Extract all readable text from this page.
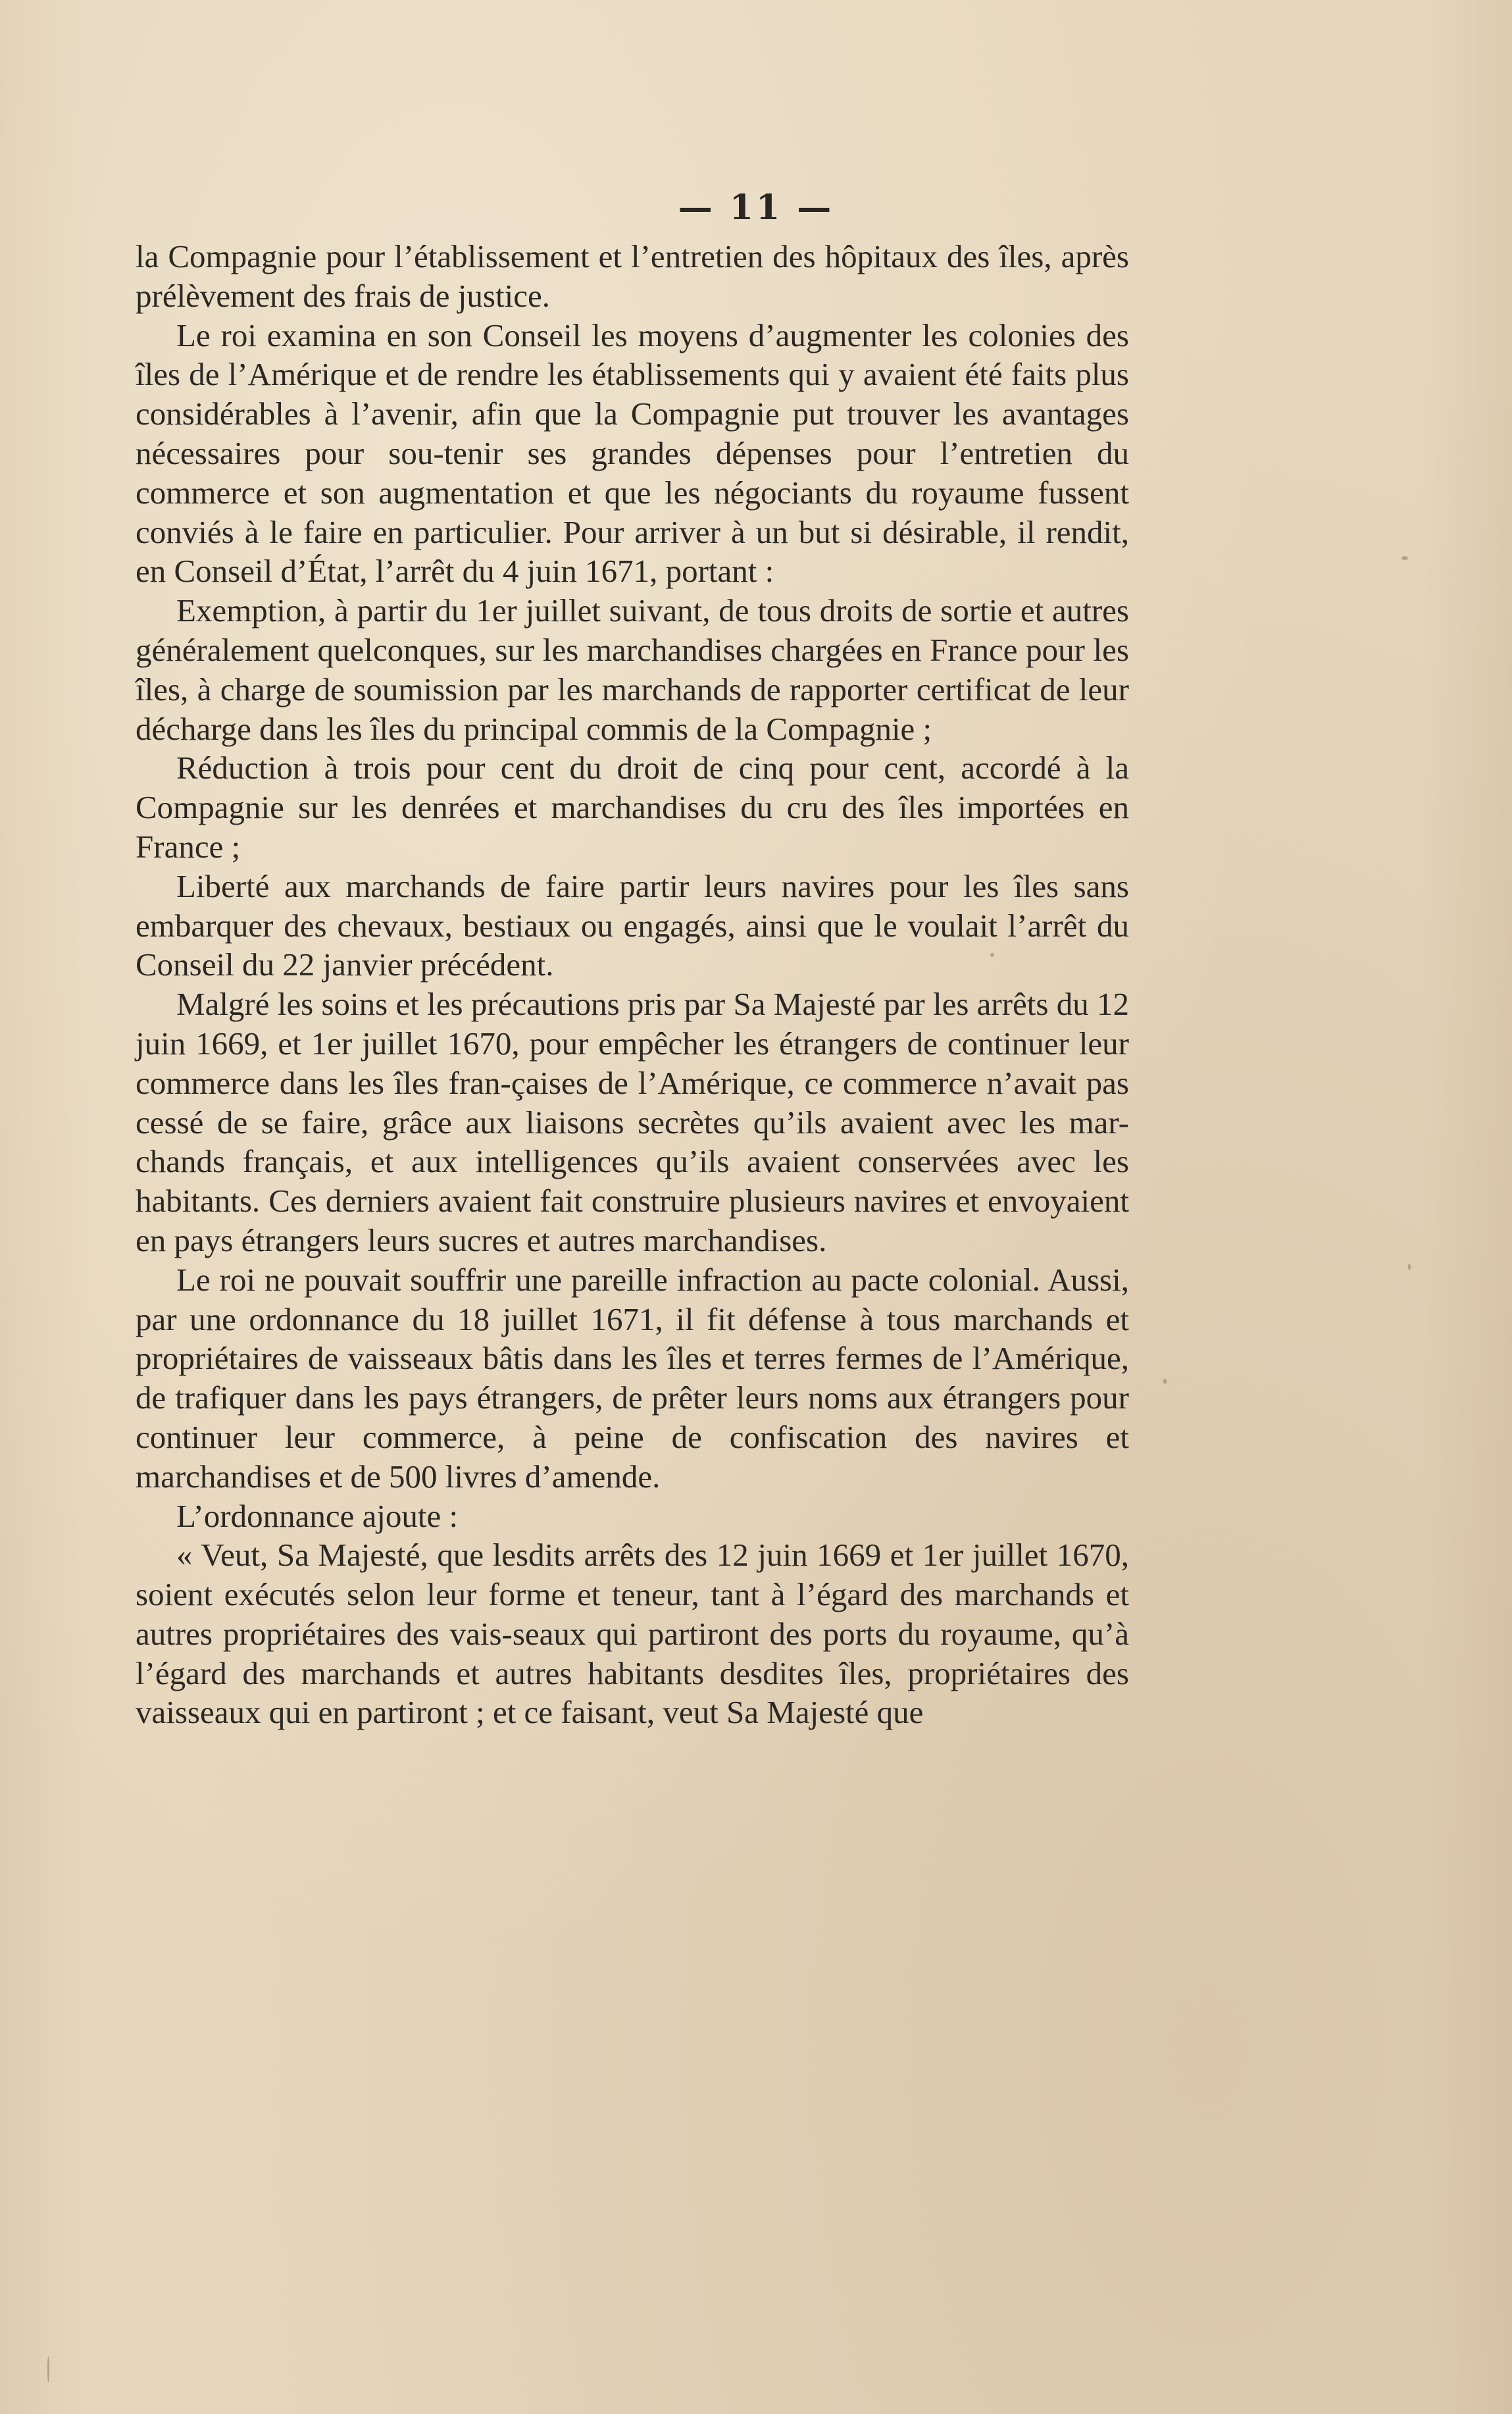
— 11 —

la Compagnie pour l’établissement et l’entretien des hôpitaux des îles, après prélèvement des frais de justice.

Le roi examina en son Conseil les moyens d’augmenter les colonies des îles de l’Amérique et de rendre les établissements qui y avaient été faits plus considérables à l’avenir, afin que la Compagnie put trouver les avantages nécessaires pour sou-tenir ses grandes dépenses pour l’entretien du commerce et son augmentation et que les négociants du royaume fussent conviés à le faire en particulier. Pour arriver à un but si désirable, il rendit, en Conseil d’État, l’arrêt du 4 juin 1671, portant :

Exemption, à partir du 1er juillet suivant, de tous droits de sortie et autres généralement quelconques, sur les marchandises chargées en France pour les îles, à charge de soumission par les marchands de rapporter certificat de leur décharge dans les îles du principal commis de la Compagnie ;

Réduction à trois pour cent du droit de cinq pour cent, accordé à la Compagnie sur les denrées et marchandises du cru des îles importées en France ;

Liberté aux marchands de faire partir leurs navires pour les îles sans embarquer des chevaux, bestiaux ou engagés, ainsi que le voulait l’arrêt du Conseil du 22 janvier précédent.

Malgré les soins et les précautions pris par Sa Majesté par les arrêts du 12 juin 1669, et 1er juillet 1670, pour empêcher les étrangers de continuer leur commerce dans les îles fran-çaises de l’Amérique, ce commerce n’avait pas cessé de se faire, grâce aux liaisons secrètes qu’ils avaient avec les mar-chands français, et aux intelligences qu’ils avaient conservées avec les habitants. Ces derniers avaient fait construire plusieurs navires et envoyaient en pays étrangers leurs sucres et autres marchandises.

Le roi ne pouvait souffrir une pareille infraction au pacte colonial. Aussi, par une ordonnance du 18 juillet 1671, il fit défense à tous marchands et propriétaires de vaisseaux bâtis dans les îles et terres fermes de l’Amérique, de trafiquer dans les pays étrangers, de prêter leurs noms aux étrangers pour continuer leur commerce, à peine de confiscation des navires et marchandises et de 500 livres d’amende.

L’ordonnance ajoute :

« Veut, Sa Majesté, que lesdits arrêts des 12 juin 1669 et 1er juillet 1670, soient exécutés selon leur forme et teneur, tant à l’égard des marchands et autres propriétaires des vais-seaux qui partiront des ports du royaume, qu’à l’égard des marchands et autres habitants desdites îles, propriétaires des vaisseaux qui en partiront ; et ce faisant, veut Sa Majesté que
